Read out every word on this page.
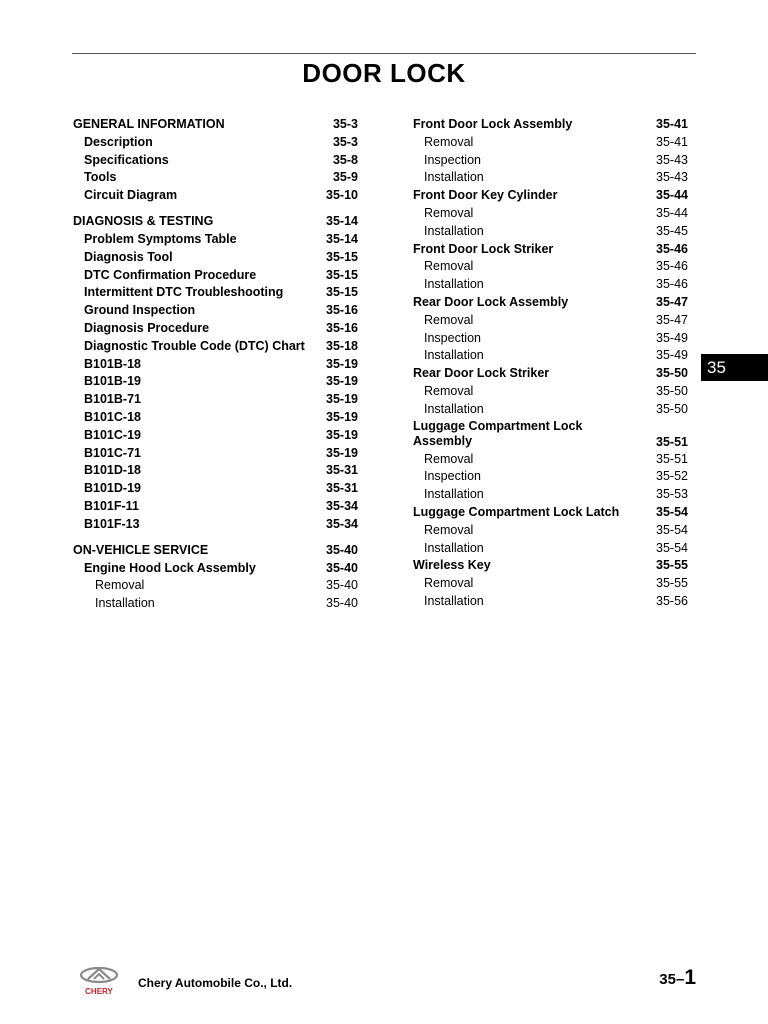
DOOR LOCK
GENERAL INFORMATION	35-3
Description	35-3
Specifications	35-8
Tools	35-9
Circuit Diagram	35-10
DIAGNOSIS & TESTING	35-14
Problem Symptoms Table	35-14
Diagnosis Tool	35-15
DTC Confirmation Procedure	35-15
Intermittent DTC Troubleshooting	35-15
Ground Inspection	35-16
Diagnosis Procedure	35-16
Diagnostic Trouble Code (DTC) Chart	35-18
B101B-18	35-19
B101B-19	35-19
B101B-71	35-19
B101C-18	35-19
B101C-19	35-19
B101C-71	35-19
B101D-18	35-31
B101D-19	35-31
B101F-11	35-34
B101F-13	35-34
ON-VEHICLE SERVICE	35-40
Engine Hood Lock Assembly	35-40
Removal	35-40
Installation	35-40
Front Door Lock Assembly	35-41
Removal	35-41
Inspection	35-43
Installation	35-43
Front Door Key Cylinder	35-44
Removal	35-44
Installation	35-45
Front Door Lock Striker	35-46
Removal	35-46
Installation	35-46
Rear Door Lock Assembly	35-47
Removal	35-47
Inspection	35-49
Installation	35-49
Rear Door Lock Striker	35-50
Removal	35-50
Installation	35-50
Luggage Compartment Lock Assembly	35-51
Removal	35-51
Inspection	35-52
Installation	35-53
Luggage Compartment Lock Latch	35-54
Removal	35-54
Installation	35-54
Wireless Key	35-55
Removal	35-55
Installation	35-56
35
CHERY
Chery Automobile Co., Ltd.	35–1
